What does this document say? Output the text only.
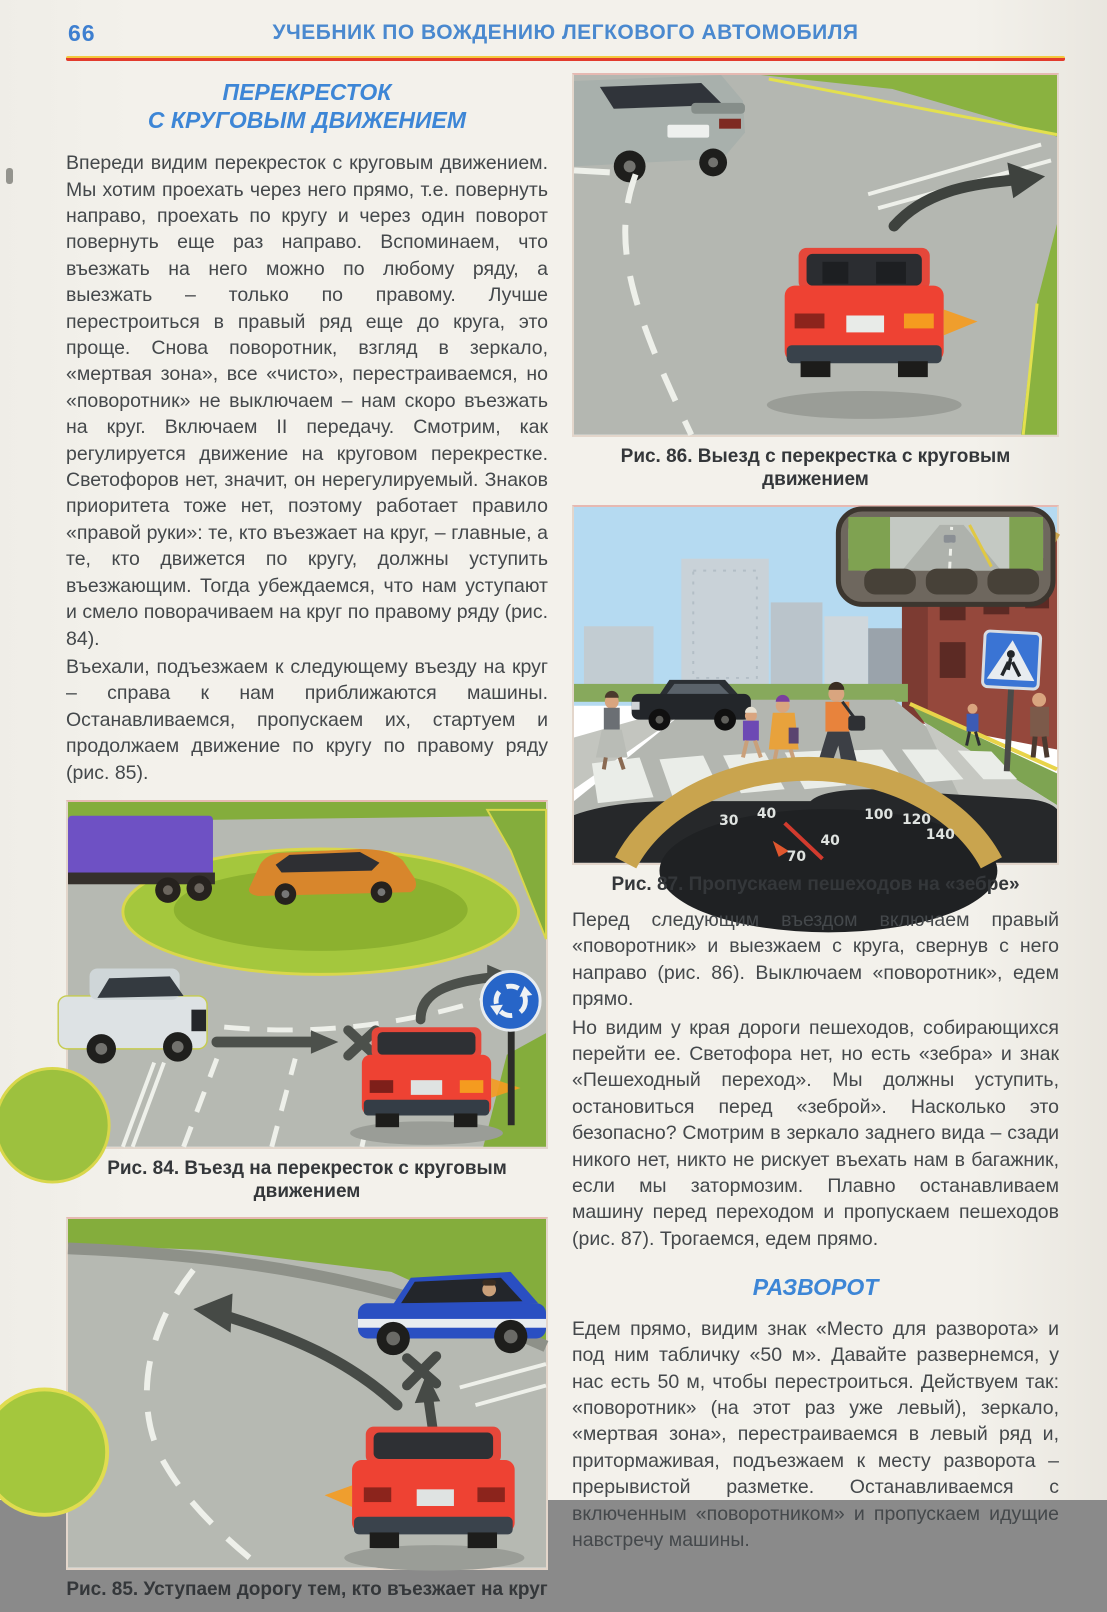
66	УЧЕБНИК ПО ВОЖДЕНИЮ ЛЕГКОВОГО АВТОМОБИЛЯ
ПЕРЕКРЕСТОК
С КРУГОВЫМ ДВИЖЕНИЕМ

Впереди видим перекресток с круговым движением. Мы хотим проехать через него прямо, т.е. повернуть направо, проехать по кругу и через один поворот повернуть еще раз направо. Вспоминаем, что въезжать на него можно по любому ряду, а выезжать – только по правому. Лучше перестроиться в правый ряд еще до круга, это проще. Снова поворотник, взгляд в зеркало, «мертвая зона», все «чисто», перестраиваемся, но «поворотник» не выключаем – нам скоро въезжать на круг. Включаем II передачу. Смотрим, как регулируется движение на круговом перекрестке. Светофоров нет, значит, он нерегулируемый. Знаков приоритета тоже нет, поэтому работает правило «правой руки»: те, кто въезжает на круг, – главные, а те, кто движется по кругу, должны уступить въезжающим. Тогда убеждаемся, что нам уступают и смело поворачиваем на круг по правому ряду (рис. 84).

Въехали, подъезжаем к следующему въезду на круг – справа к нам приближаются машины. Останавливаемся, пропускаем их, стартуем и продолжаем движение по кругу по правому ряду (рис. 85).

Рис. 84. Въезд на перекресток с круговым движением
Рис. 85. Уступаем дорогу тем, кто въезжает на круг
Рис. 86. Выезд с перекрестка с круговым движением
30 40	100 120
140
40
70
Рис. 87. Пропускаем пешеходов на «зебре»

Перед следующим въездом включаем правый «поворотник» и выезжаем с круга, свернув с него направо (рис. 86). Выключаем «поворотник», едем прямо.

Но видим у края дороги пешеходов, собирающихся перейти ее. Светофора нет, но есть «зебра» и знак «Пешеходный переход». Мы должны уступить, остановиться перед «зеброй». Насколько это безопасно? Смотрим в зеркало заднего вида – сзади никого нет, никто не рискует въехать нам в багажник, если мы затормозим. Плавно останавливаем машину перед переходом и пропускаем пешеходов (рис. 87). Трогаемся, едем прямо.

РАЗВОРОТ

Едем прямо, видим знак «Место для разворота» и под ним табличку «50 м». Давайте развернемся, у нас есть 50 м, чтобы перестроиться. Действуем так: «поворотник» (на этот раз уже левый), зеркало, «мертвая зона», перестраиваемся в левый ряд и, притормаживая, подъезжаем к месту разворота – прерывистой разметке. Останавливаемся с включенным «поворотником» и пропускаем идущие навстречу машины.
